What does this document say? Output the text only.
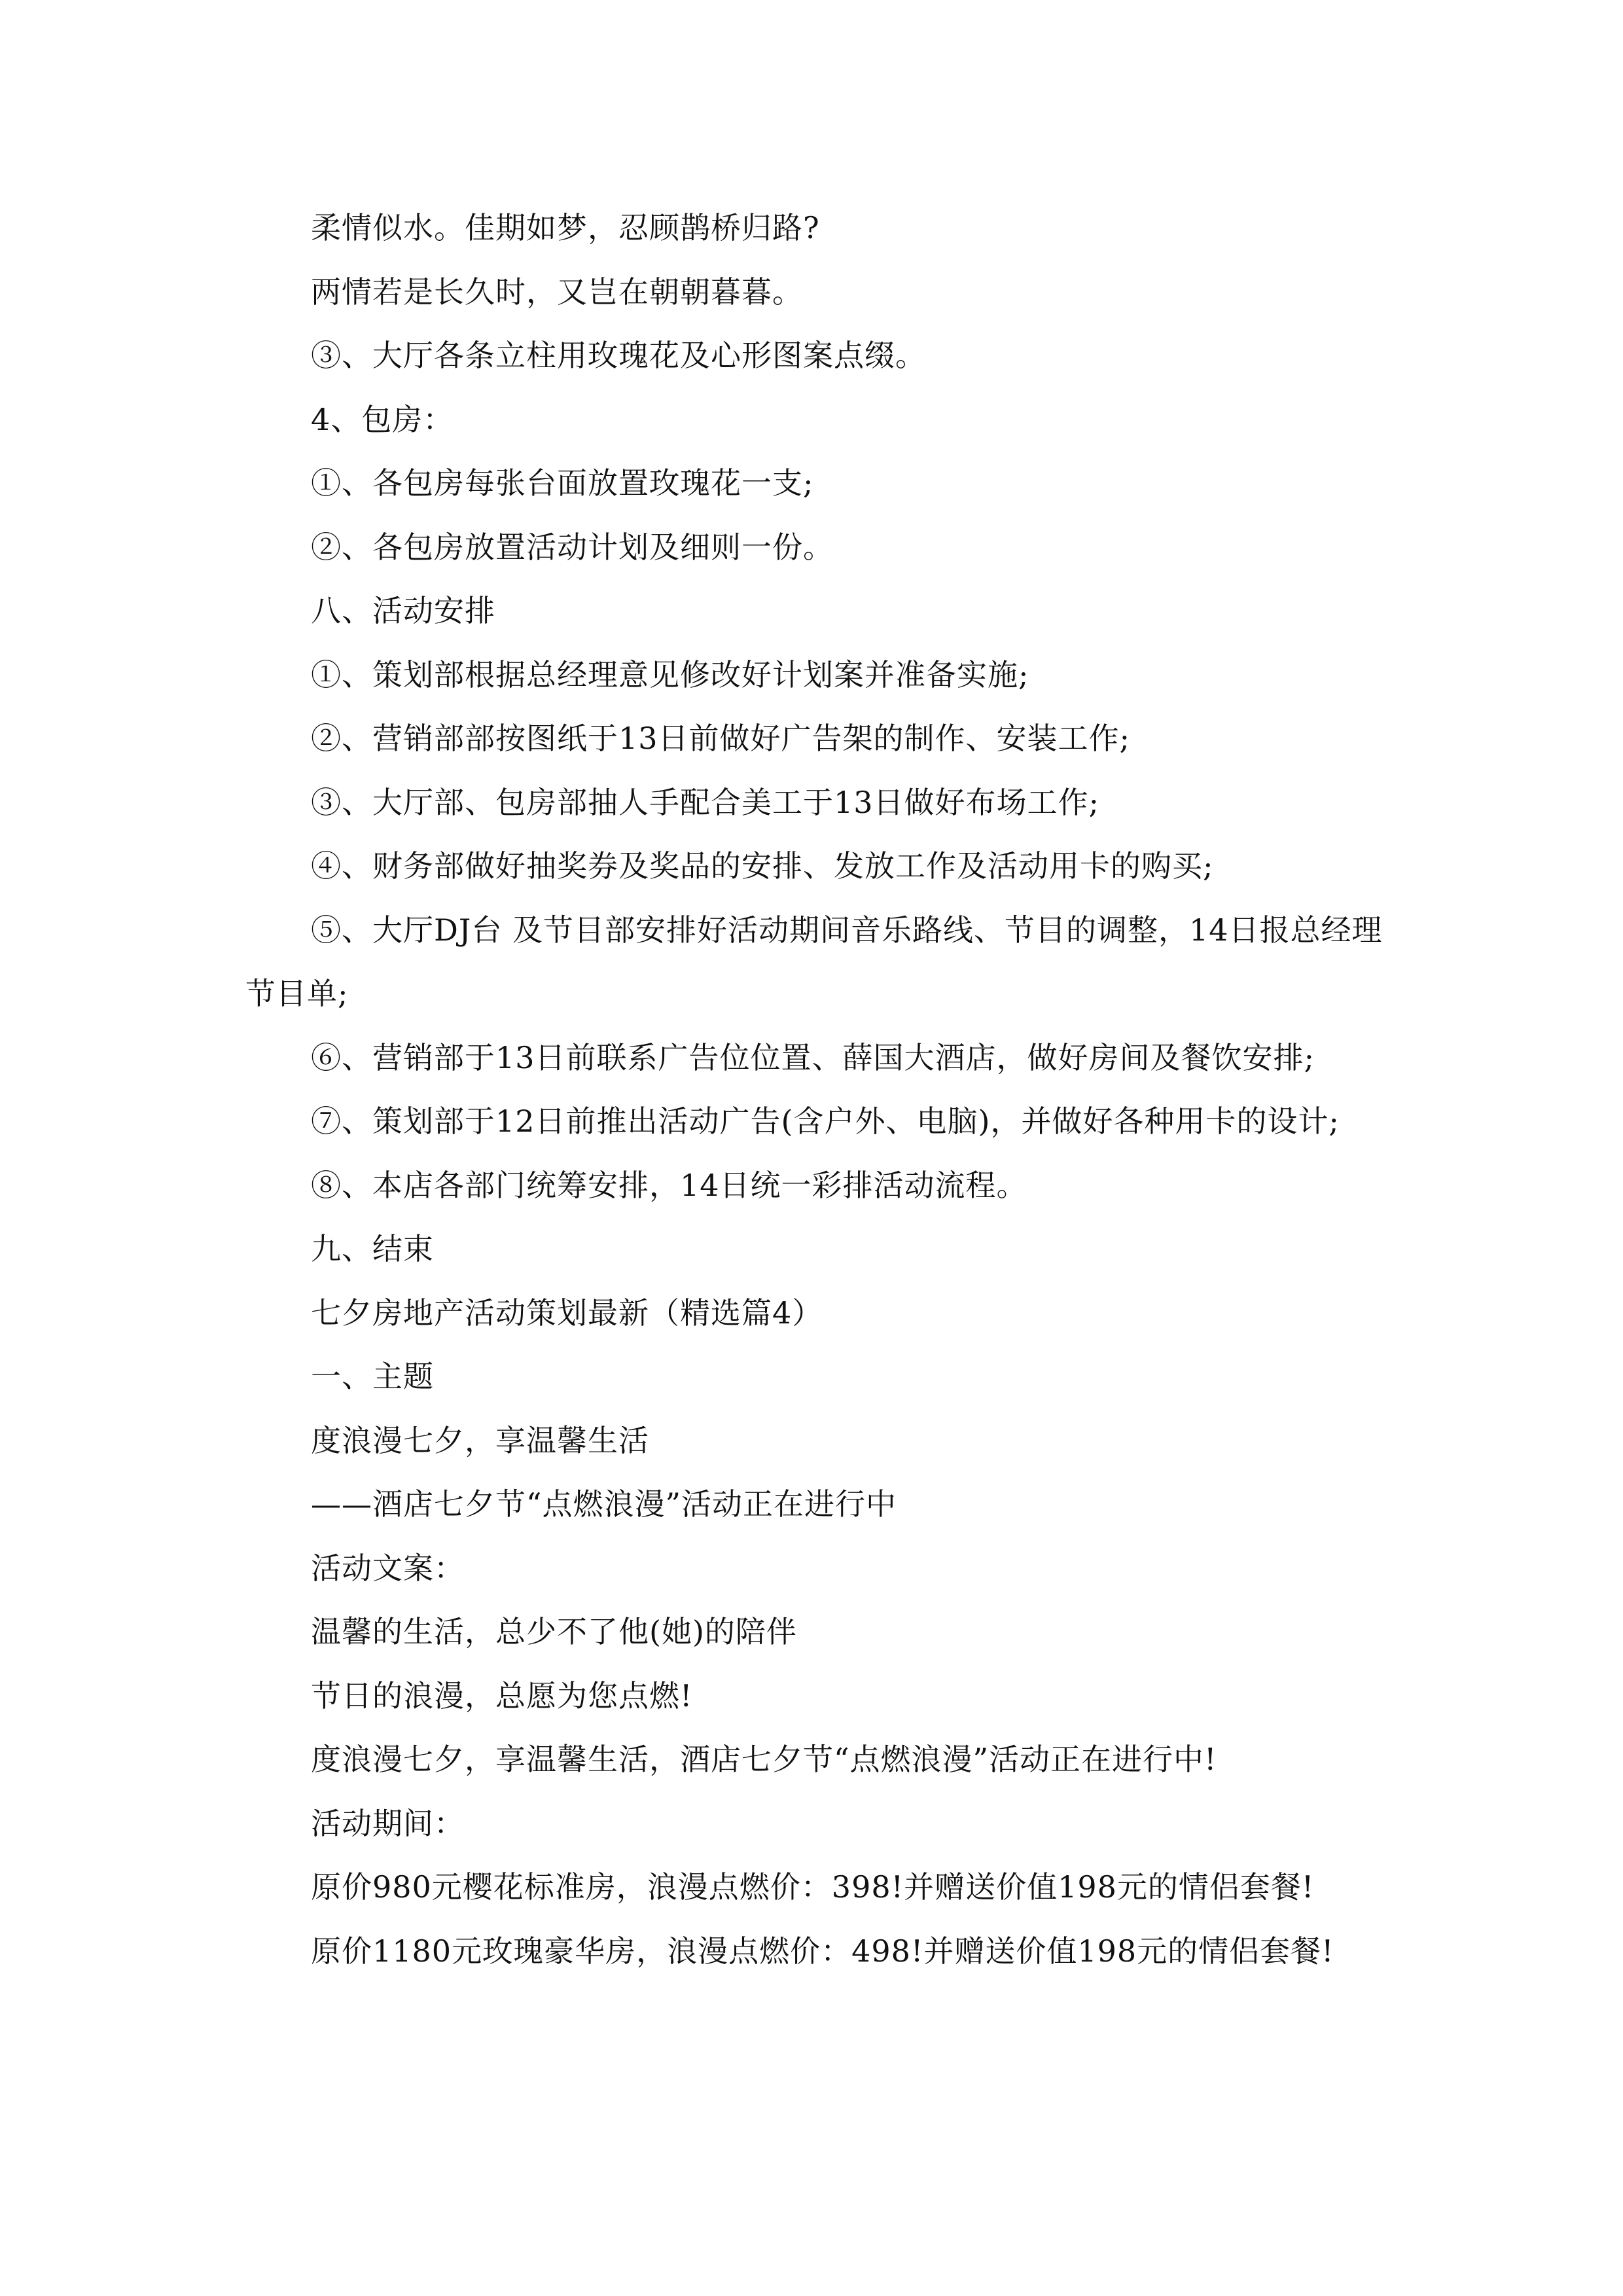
柔情似水。佳期如梦，忍顾鹊桥归路?

两情若是长久时，又岂在朝朝暮暮。

③、大厅各条立柱用玫瑰花及心形图案点缀。

4、包房：

①、各包房每张台面放置玫瑰花一支;

②、各包房放置活动计划及细则一份。

八、活动安排

①、策划部根据总经理意见修改好计划案并准备实施;

②、营销部部按图纸于13日前做好广告架的制作、安装工作;

③、大厅部、包房部抽人手配合美工于13日做好布场工作;

④、财务部做好抽奖券及奖品的安排、发放工作及活动用卡的购买;

⑤、大厅DJ台 及节目部安排好活动期间音乐路线、节目的调整，14日报总经理节目单;

⑥、营销部于13日前联系广告位位置、薛国大酒店，做好房间及餐饮安排;

⑦、策划部于12日前推出活动广告(含户外、电脑)，并做好各种用卡的设计;

⑧、本店各部门统筹安排，14日统一彩排活动流程。

九、结束

七夕房地产活动策划最新（精选篇4）

一、主题

度浪漫七夕，享温馨生活

——酒店七夕节“点燃浪漫”活动正在进行中

活动文案：

温馨的生活，总少不了他(她)的陪伴

节日的浪漫，总愿为您点燃!

度浪漫七夕，享温馨生活，酒店七夕节“点燃浪漫”活动正在进行中!

活动期间：

原价980元樱花标准房，浪漫点燃价：398!并赠送价值198元的情侣套餐!

原价1180元玫瑰豪华房，浪漫点燃价：498!并赠送价值198元的情侣套餐!
